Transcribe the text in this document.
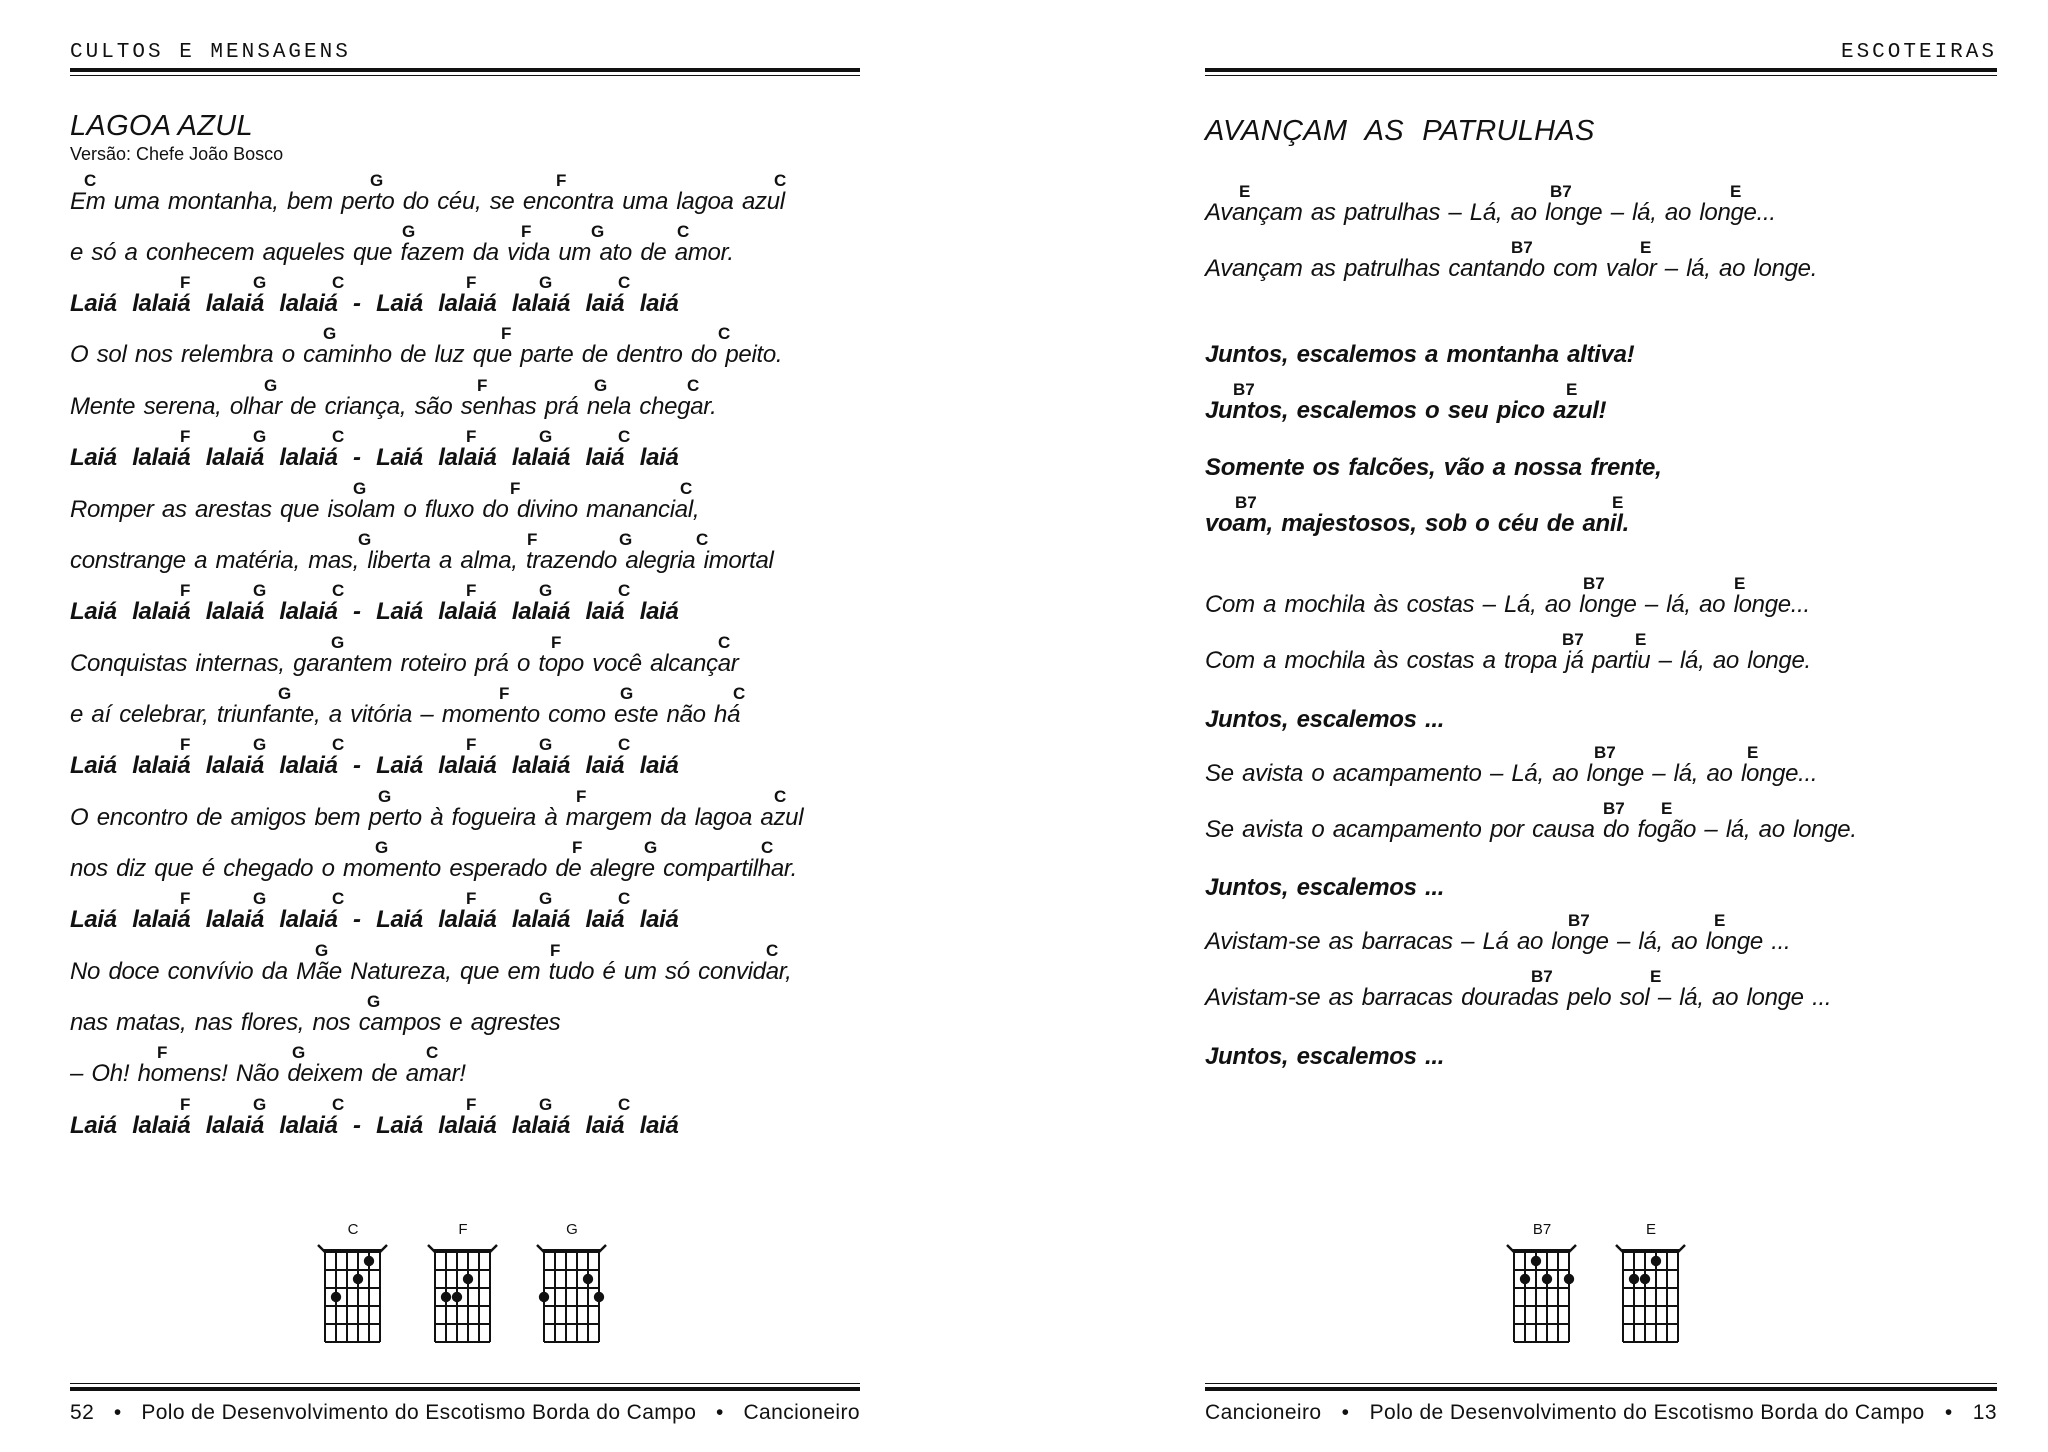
CULTOS E MENSAGENS
LAGOA AZUL
Versão: Chefe João Bosco
C	G	F	C
Em uma montanha, bem perto do céu, se encontra uma lagoa azul
G	F	G	C
e só a conhecem aqueles que fazem da vida um ato de amor.
F	G	C	F	G	C
Laiá lalaiá lalaiá lalaiá - Laiá lalaiá lalaiá laiá laiá
G	F	C
O sol nos relembra o caminho de luz que parte de dentro do peito.
G	F	G	C
Mente serena, olhar de criança, são senhas prá nela chegar.
F	G	C	F	G	C
Laiá lalaiá lalaiá lalaiá - Laiá lalaiá lalaiá laiá laiá
G	F	C
Romper as arestas que isolam o fluxo do divino manancial,
G	F	G	C
constrange a matéria, mas, liberta a alma, trazendo alegria imortal
F	G	C	F	G	C
Laiá lalaiá lalaiá lalaiá - Laiá lalaiá lalaiá laiá laiá
G	F	C
Conquistas internas, garantem roteiro prá o topo você alcançar
G	F	G	C
e aí celebrar, triunfante, a vitória – momento como este não há
F	G	C	F	G	C
Laiá lalaiá lalaiá lalaiá - Laiá lalaiá lalaiá laiá laiá
G	F	C
O encontro de amigos bem perto à fogueira à margem da lagoa azul
G	F	G	C
nos diz que é chegado o momento esperado de alegre compartilhar.
F	G	C	F	G	C
Laiá lalaiá lalaiá lalaiá - Laiá lalaiá lalaiá laiá laiá
G	F	C
No doce convívio da Mãe Natureza, que em tudo é um só convidar,
G
nas matas, nas flores, nos campos e agrestes
F	G	C
– Oh! homens! Não deixem de amar!
F	G	C	F	G	C
Laiá lalaiá lalaiá lalaiá - Laiá lalaiá lalaiá laiá laiá
C	F	G
52 • Polo de Desenvolvimento do Escotismo Borda do Campo • Cancioneiro
ESCOTEIRAS
AVANÇAM AS PATRULHAS
E	B7	E
Avançam as patrulhas – Lá, ao longe – lá, ao longe...
B7	E
Avançam as patrulhas cantando com valor – lá, ao longe.
Juntos, escalemos a montanha altiva!
B7	E
Juntos, escalemos o seu pico azul!
Somente os falcões, vão a nossa frente,
B7	E
voam, majestosos, sob o céu de anil.
B7	E
Com a mochila às costas – Lá, ao longe – lá, ao longe...
B7	E
Com a mochila às costas a tropa já partiu – lá, ao longe.
Juntos, escalemos ...
B7	E
Se avista o acampamento – Lá, ao longe – lá, ao longe...
B7 E
Se avista o acampamento por causa do fogão – lá, ao longe.
Juntos, escalemos ...
B7	E
Avistam-se as barracas – Lá ao longe – lá, ao longe ...
B7	E
Avistam-se as barracas douradas pelo sol – lá, ao longe ...
Juntos, escalemos ...
B7	E
Cancioneiro • Polo de Desenvolvimento do Escotismo Borda do Campo • 13
